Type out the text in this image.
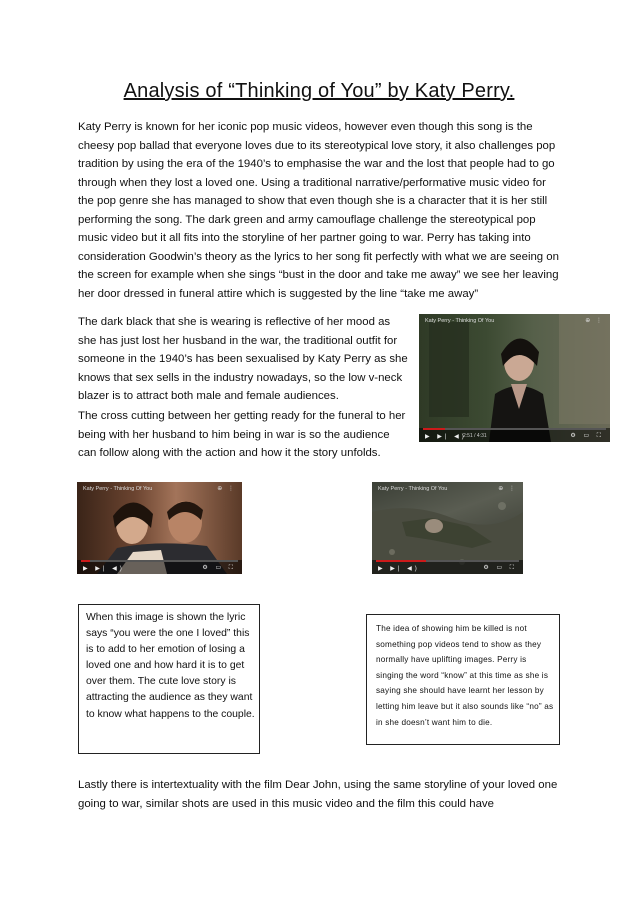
Analysis of “Thinking of You” by Katy Perry.

Katy Perry is known for her iconic pop music videos, however even though this song is the cheesy pop ballad that everyone loves due to its stereotypical love story, it also challenges pop tradition by using the era of the 1940’s to emphasise the war and the lost that people had to go through when they lost a loved one. Using a traditional narrative/performative music video for the pop genre she has managed to show that even though she is a character that it is her still performing the song. The dark green and army camouflage challenge the stereotypical pop music video but it all fits into the storyline of her partner going to war. Perry has taking into consideration Goodwin’s theory as the lyrics to her song fit perfectly with what we are seeing on the screen for example when she sings “bust in the door and take me away” we see her leaving her door dressed in funeral attire which is suggested by the line “take me away”

The dark black that she is wearing is reflective of her mood as she has just lost her husband in the war, the traditional outfit for someone in the 1940’s has been sexualised by Katy Perry as she knows that sex sells in the industry nowadays, so the low v-neck blazer is to attract both male and female audiences.

The cross cutting between her getting ready for the funeral to her being with her husband to him being in war is so the audience can follow along with the action and how it the story unfolds.

Katy Perry - Thinking Of You	⊕ ⋮
▶ ▶| ◀)
2:51 / 4:31	⚙ ▭ ⛶
Katy Perry - Thinking Of You	⊕ ⋮
▶ ▶| ◀)	⚙ ▭ ⛶
Katy Perry - Thinking Of You	⊕ ⋮
▶ ▶| ◀)	⚙ ▭ ⛶

When this image is shown the lyric says “you were the one I loved” this is to add to her emotion of losing a loved one and how hard it is to get over them. The cute love story is attracting the audience as they want to know what happens to the couple.

The idea of showing him be killed is not something pop videos tend to show as they normally have uplifting images. Perry is singing the word “know” at this time as she is saying she should have learnt her lesson by letting him leave but it also sounds like “no” as in she doesn’t want him to die.

Lastly there is intertextuality with the film Dear John, using the same storyline of your loved one going to war, similar shots are used in this music video and the film this could have
